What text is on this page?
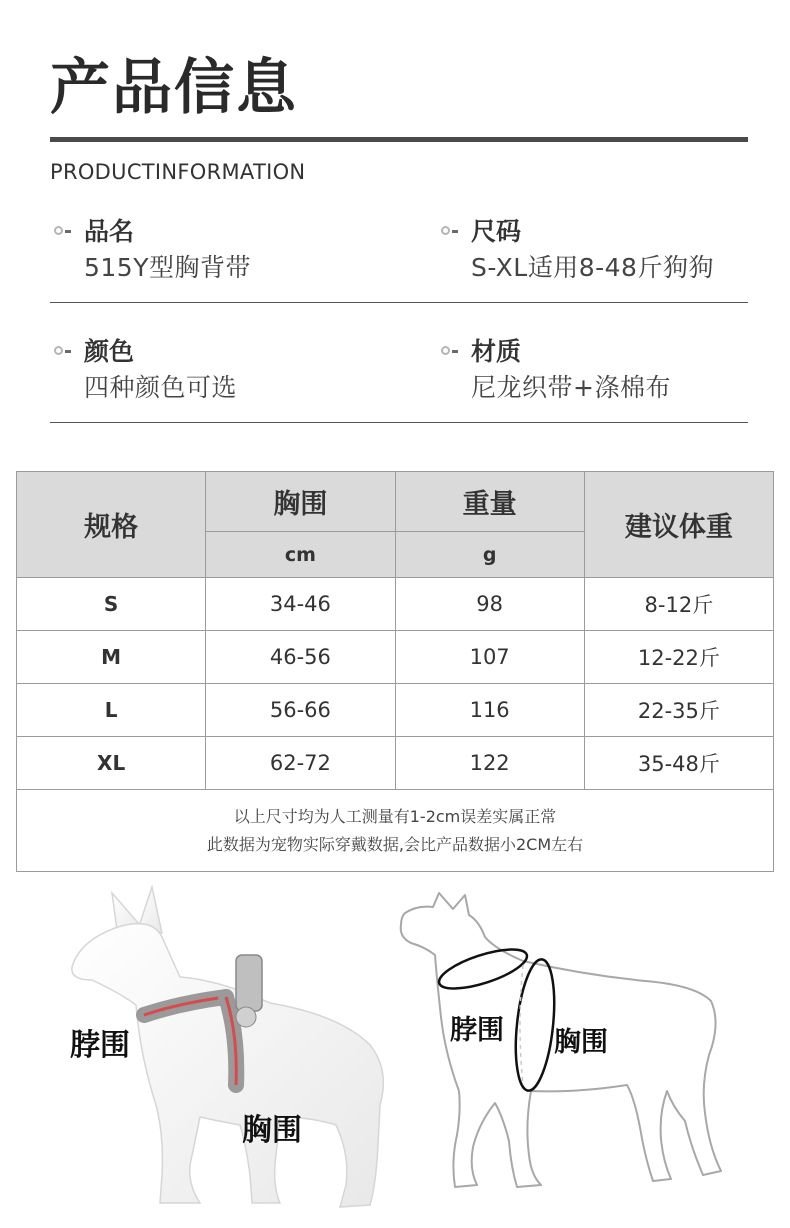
产品信息
PRODUCTINFORMATION
品名
515Y型胸背带
尺码
S-XL适用8-48斤狗狗
颜色
四种颜色可选
材质
尼龙织带+涤棉布
规格	胸围	重量	建议体重
	cm	g	
S	34-46	98	8-12斤
M	46-56	107	12-22斤
L	56-66	116	22-35斤
XL	62-72	122	35-48斤

以上尺寸均为人工测量有1-2cm误差实属正常
此数据为宠物实际穿戴数据,会比产品数据小2CM左右			
脖围
胸围
脖围 胸围
